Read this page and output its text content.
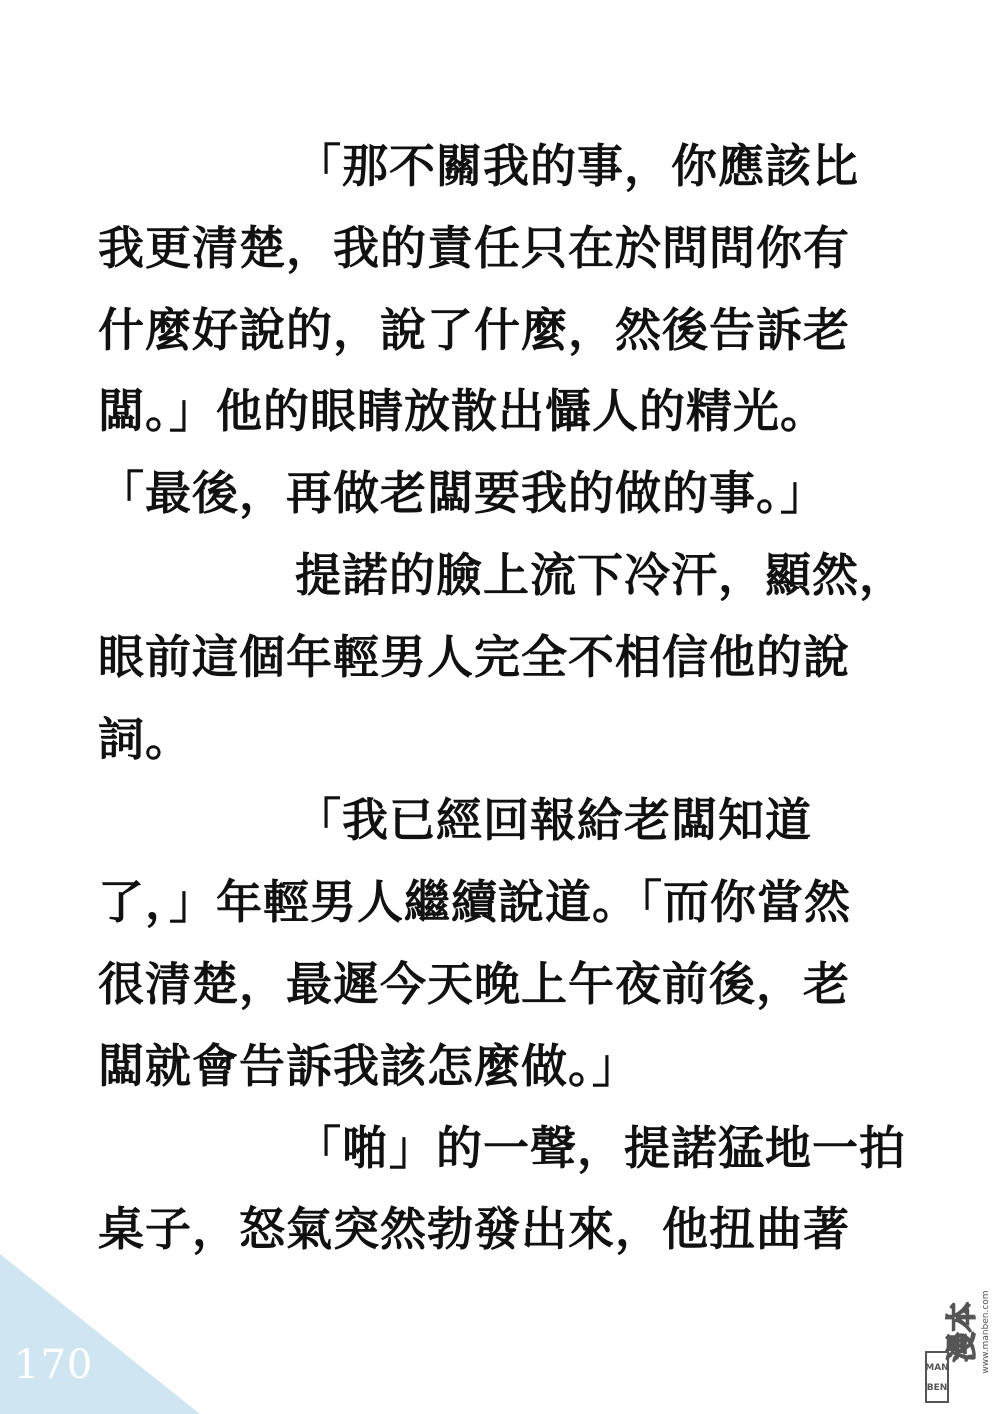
「那不關我的事，你應該比
我更清楚，我的責任只在於問問你有
什麼好說的，說了什麼，然後告訴老
闆。」他的眼睛放散出懾人的精光。
「最後，再做老闆要我的做的事。」
提諾的臉上流下冷汗，顯然，
眼前這個年輕男人完全不相信他的說
詞。
「我已經回報給老闆知道
了，」年輕男人繼續說道。「而你當然
很清楚，最遲今天晚上午夜前後，老
闆就會告訴我該怎麼做。」
「啪」的一聲，提諾猛地一拍
桌子，怒氣突然勃發出來，他扭曲著
170	MAN
BEN
漫本 www.manben.com
